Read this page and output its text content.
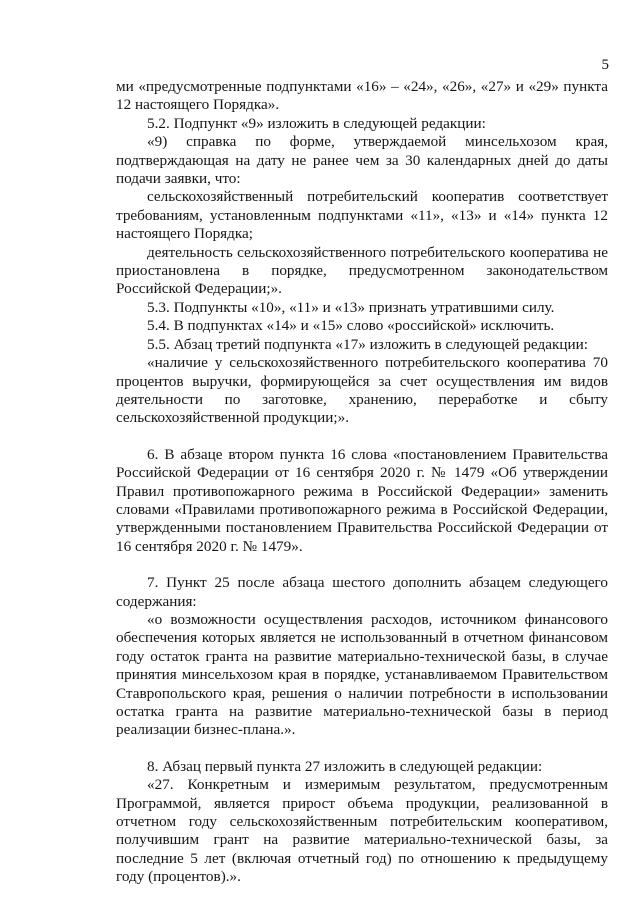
5

ми «предусмотренные подпунктами «16» – «24», «26», «27» и «29» пункта 12 настоящего Порядка».

5.2. Подпункт «9» изложить в следующей редакции:

«9) справка по форме, утверждаемой минсельхозом края, подтверждающая на дату не ранее чем за 30 календарных дней до даты подачи заявки, что:

сельскохозяйственный потребительский кооператив соответствует требованиям, установленным подпунктами «11», «13» и «14» пункта 12 настоящего Порядка;

деятельность сельскохозяйственного потребительского кооператива не приостановлена в порядке, предусмотренном законодательством Российской Федерации;».

5.3. Подпункты «10», «11» и «13» признать утратившими силу.

5.4. В подпунктах «14» и «15» слово «российской» исключить.

5.5. Абзац третий подпункта «17» изложить в следующей редакции:

«наличие у сельскохозяйственного потребительского кооператива 70 процентов выручки, формирующейся за счет осуществления им видов деятельности по заготовке, хранению, переработке и сбыту сельскохозяйственной продукции;».

6. В абзаце втором пункта 16 слова «постановлением Правительства Российской Федерации от 16 сентября 2020 г. № 1479 «Об утверждении Правил противопожарного режима в Российской Федерации» заменить словами «Правилами противопожарного режима в Российской Федерации, утвержденными постановлением Правительства Российской Федерации от 16 сентября 2020 г. № 1479».

7. Пункт 25 после абзаца шестого дополнить абзацем следующего содержания:

«о возможности осуществления расходов, источником финансового обеспечения которых является не использованный в отчетном финансовом году остаток гранта на развитие материально-технической базы, в случае принятия минсельхозом края в порядке, устанавливаемом Правительством Ставропольского края, решения о наличии потребности в использовании остатка гранта на развитие материально-технической базы в период реализации бизнес-плана.».

8. Абзац первый пункта 27 изложить в следующей редакции:

«27. Конкретным и измеримым результатом, предусмотренным Программой, является прирост объема продукции, реализованной в отчетном году сельскохозяйственным потребительским кооперативом, получившим грант на развитие материально-технической базы, за последние 5 лет (включая отчетный год) по отношению к предыдущему году (процентов).».
